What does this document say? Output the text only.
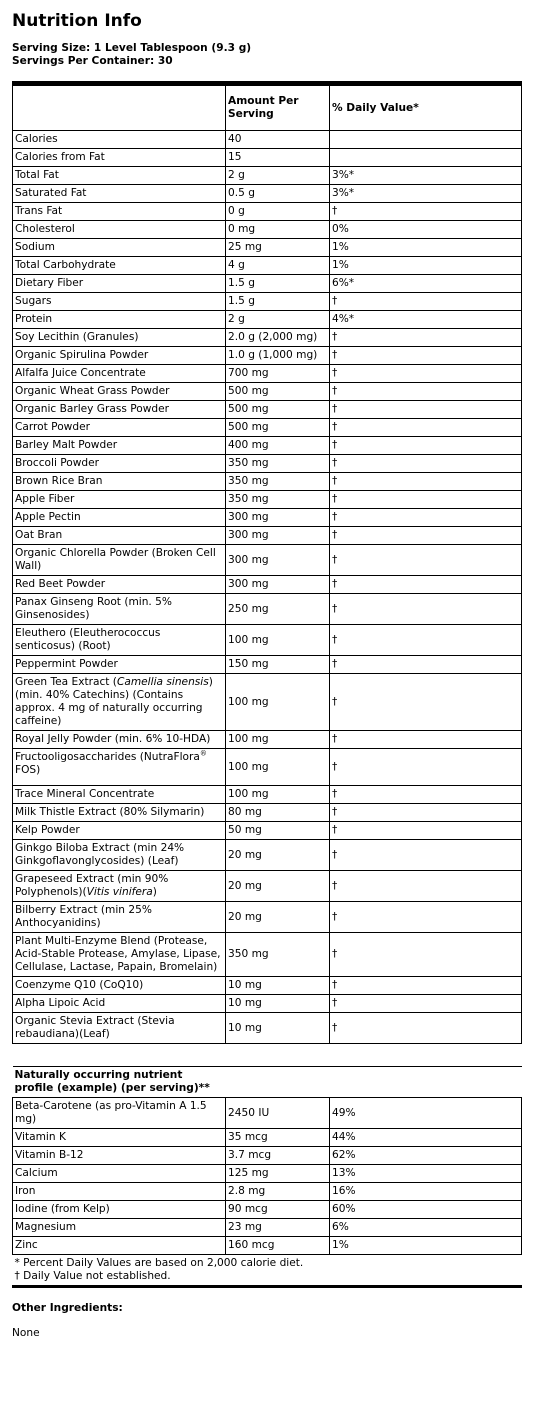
Nutrition Info
Serving Size: 1 Level Tablespoon (9.3 g)
Servings Per Container: 30
	Amount Per Serving	% Daily Value*
Calories	40	
Calories from Fat	15	
Total Fat	2 g	3%*
Saturated Fat	0.5 g	3%*
Trans Fat	0 g	†
Cholesterol	0 mg	0%
Sodium	25 mg	1%
Total Carbohydrate	4 g	1%
Dietary Fiber	1.5 g	6%*
Sugars	1.5 g	†
Protein	2 g	4%*
Soy Lecithin (Granules)	2.0 g (2,000 mg)	†
Organic Spirulina Powder	1.0 g (1,000 mg)	†
Alfalfa Juice Concentrate	700 mg	†
Organic Wheat Grass Powder	500 mg	†
Organic Barley Grass Powder	500 mg	†
Carrot Powder	500 mg	†
Barley Malt Powder	400 mg	†
Broccoli Powder	350 mg	†
Brown Rice Bran	350 mg	†
Apple Fiber	350 mg	†
Apple Pectin	300 mg	†
Oat Bran	300 mg	†
Organic Chlorella Powder (Broken Cell Wall)	300 mg	†
Red Beet Powder	300 mg	†
Panax Ginseng Root (min. 5% Ginsenosides)	250 mg	†
Eleuthero (Eleutherococcus senticosus) (Root)	100 mg	†
Peppermint Powder	150 mg	†
Green Tea Extract (Camellia sinensis) (min. 40% Catechins) (Contains approx. 4 mg of naturally occurring caffeine)	100 mg	†
Royal Jelly Powder (min. 6% 10-HDA)	100 mg	†
Fructooligosaccharides (NutraFlora® FOS)	100 mg	†
Trace Mineral Concentrate	100 mg	†
Milk Thistle Extract (80% Silymarin)	80 mg	†
Kelp Powder	50 mg	†
Ginkgo Biloba Extract (min 24% Ginkgoflavonglycosides) (Leaf)	20 mg	†
Grapeseed Extract (min 90% Polyphenols)(Vitis vinifera)	20 mg	†
Bilberry Extract (min 25% Anthocyanidins)	20 mg	†
Plant Multi-Enzyme Blend (Protease, Acid-Stable Protease, Amylase, Lipase, Cellulase, Lactase, Papain, Bromelain)	350 mg	†
Coenzyme Q10 (CoQ10)	10 mg	†
Alpha Lipoic Acid	10 mg	†
Organic Stevia Extract (Stevia rebaudiana)(Leaf)	10 mg	†

Naturally occurring nutrient profile (example) (per serving)**		
Beta-Carotene (as pro-Vitamin A 1.5 mg)	2450 IU	49%
Vitamin K	35 mcg	44%
Vitamin B-12	3.7 mcg	62%
Calcium	125 mg	13%
Iron	2.8 mg	16%
Iodine (from Kelp)	90 mcg	60%
Magnesium	23 mg	6%
Zinc	160 mcg	1%

* Percent Daily Values are based on 2,000 calorie diet.
† Daily Value not established.		
Other Ingredients:
None
